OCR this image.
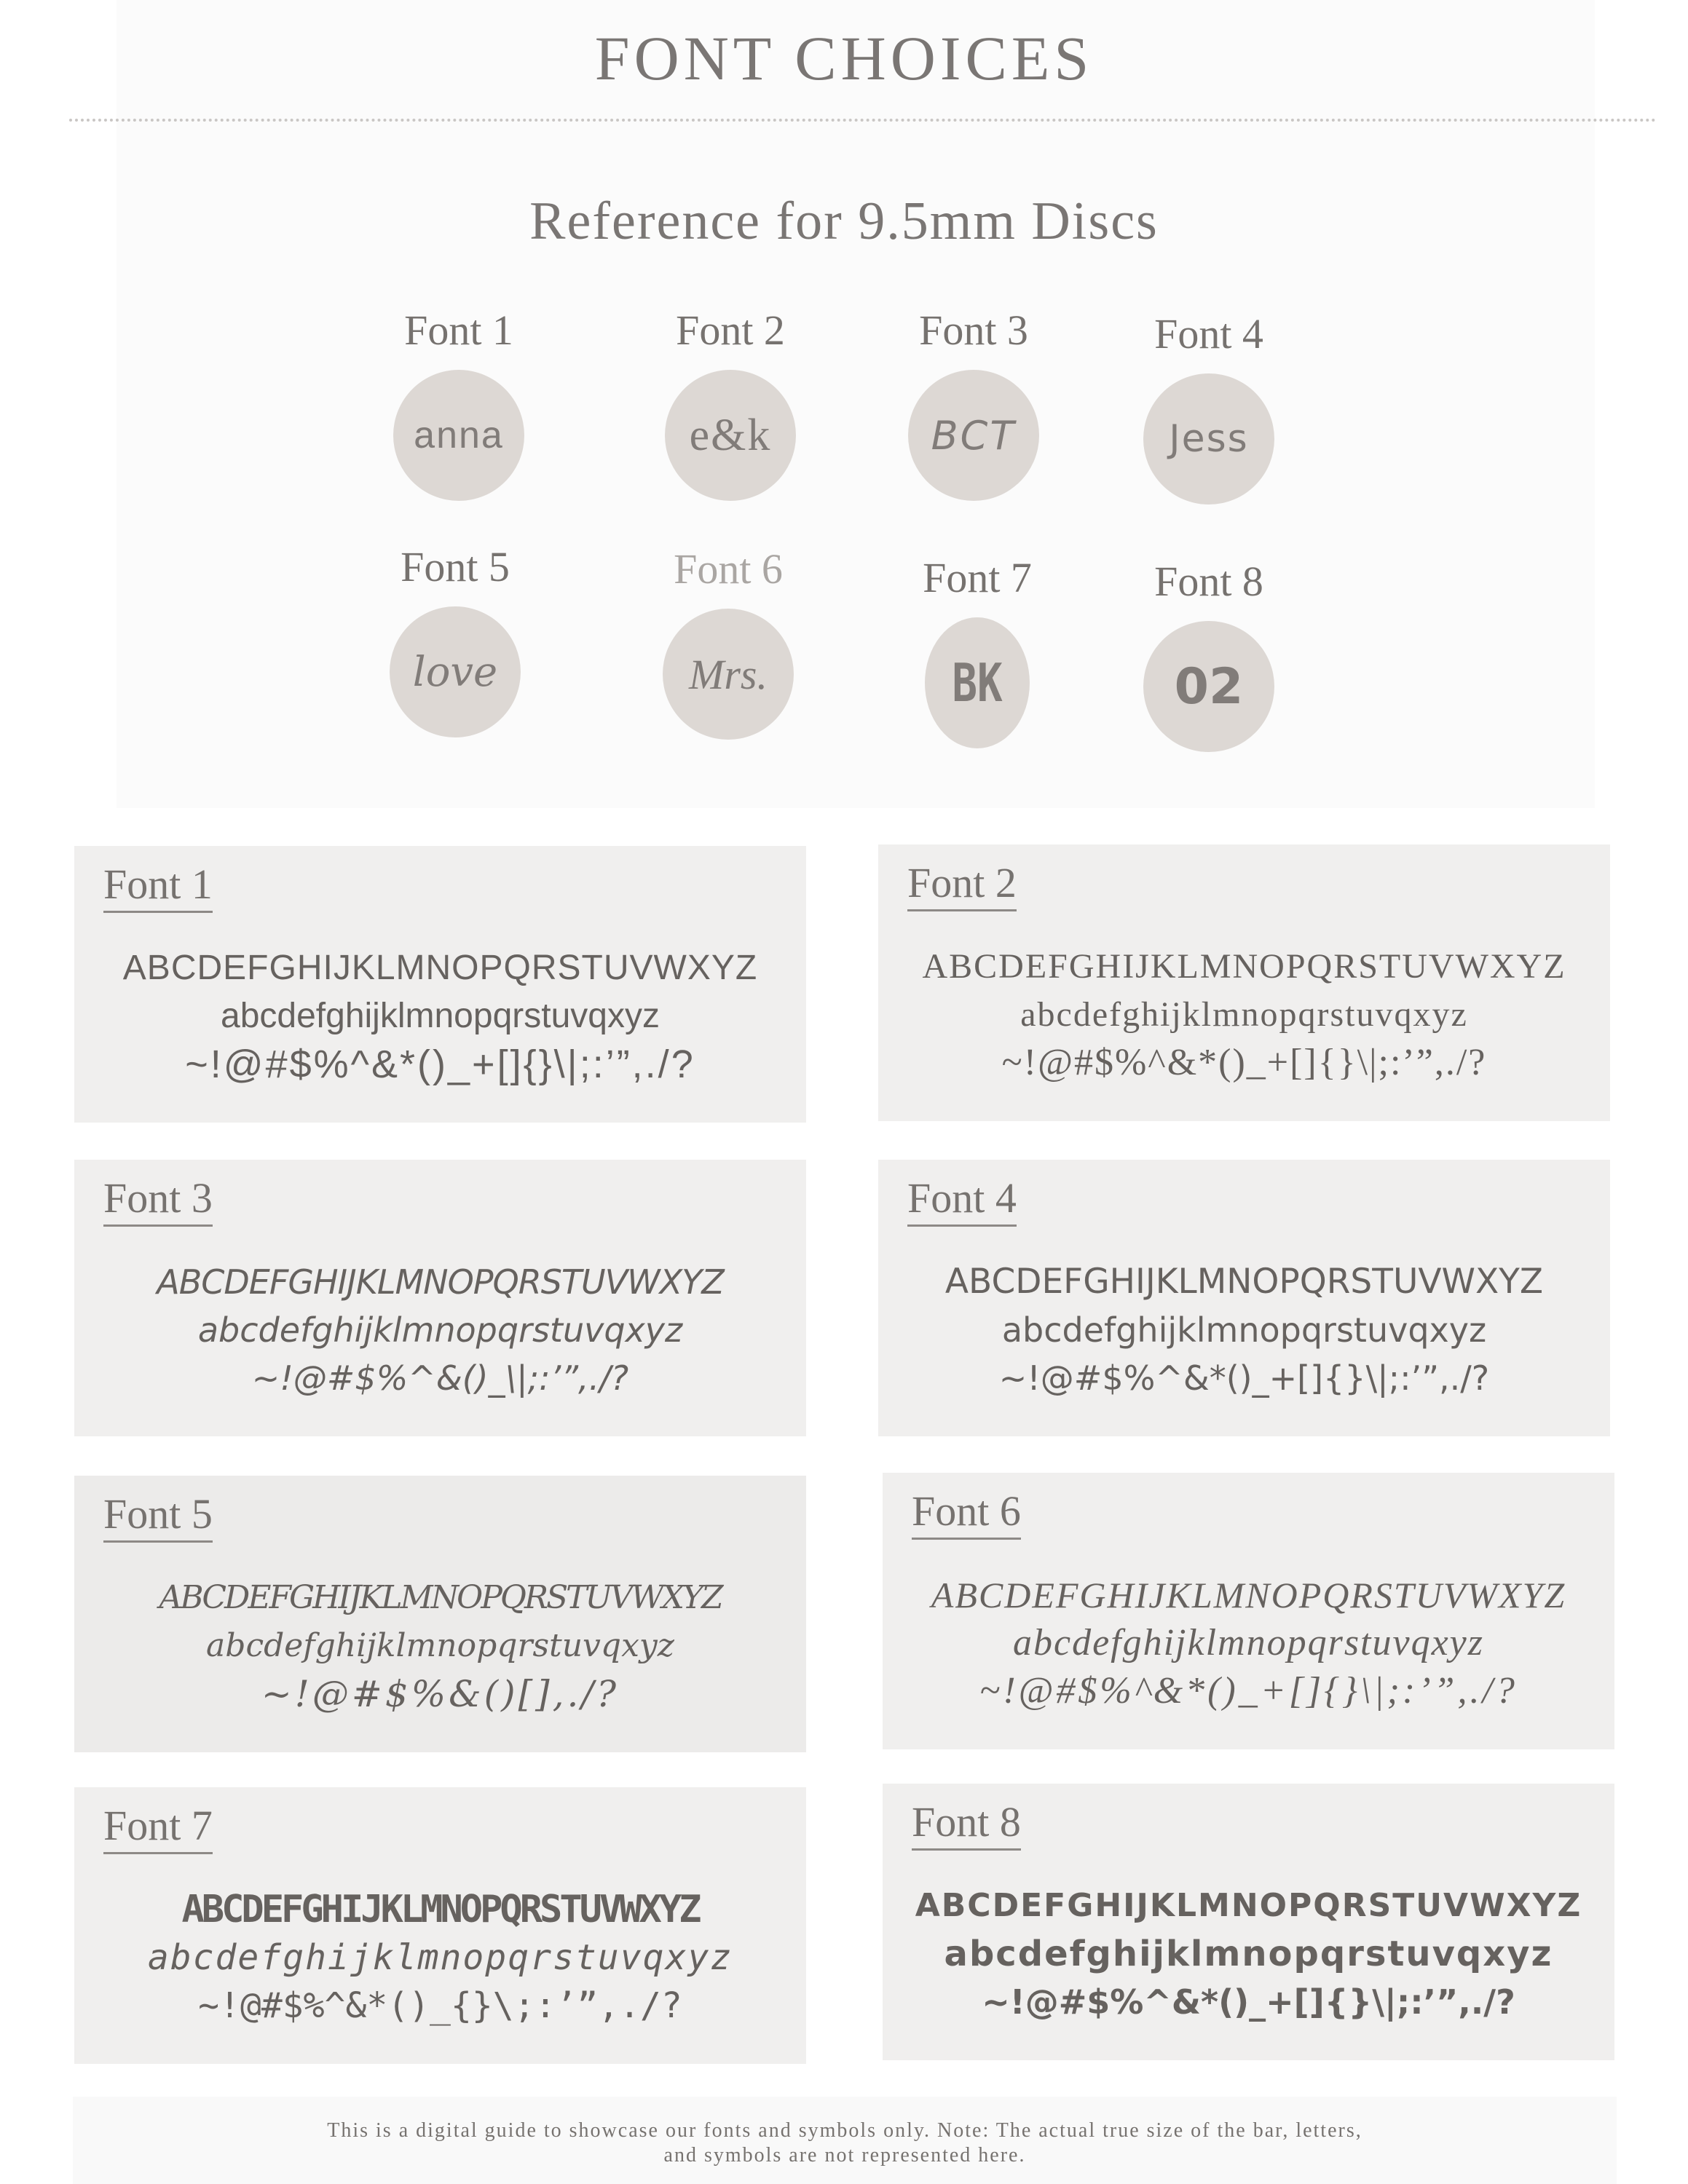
FONT CHOICES
Reference for 9.5mm Discs
Font 1
anna
Font 2
e&k
Font 3
BCT
Font 4
Jess
Font 5
love
Font 6
Mrs.
Font 7
BK
Font 8
02
Font 1
ABCDEFGHIJKLMNOPQRSTUVWXYZ
abcdefghijklmnopqrstuvqxyz
~!@#$%^&*()_+[]{}\|;:’”,./?
Font 2
ABCDEFGHIJKLMNOPQRSTUVWXYZ
abcdefghijklmnopqrstuvqxyz
~!@#$%^&*()_+[]{}\|;:’”,./?
Font 3
ABCDEFGHIJKLMNOPQRSTUVWXYZ
abcdefghijklmnopqrstuvqxyz
~!@#$%^&()_\|;:’”,./?
Font 4
ABCDEFGHIJKLMNOPQRSTUVWXYZ
abcdefghijklmnopqrstuvqxyz
~!@#$%^&*()_+[]{}\|;:’”,./?
Font 5
ABCDEFGHIJKLMNOPQRSTUVWXYZ
abcdefghijklmnopqrstuvqxyz
~!@#$%&()[],./?
Font 6
ABCDEFGHIJKLMNOPQRSTUVWXYZ
abcdefghijklmnopqrstuvqxyz
~!@#$%^&*()_+[]{}\|;:’”,./?
Font 7
ABCDEFGHIJKLMNOPQRSTUVWXYZ
abcdefghijklmnopqrstuvqxyz
~!@#$%^&*()_{}\;:’”,./?
Font 8
ABCDEFGHIJKLMNOPQRSTUVWXYZ
abcdefghijklmnopqrstuvqxyz
~!@#$%^&*()_+[]{}\|;:’”,./?
This is a digital guide to showcase our fonts and symbols only. Note: The actual true size of the bar, letters,
and symbols are not represented here.
